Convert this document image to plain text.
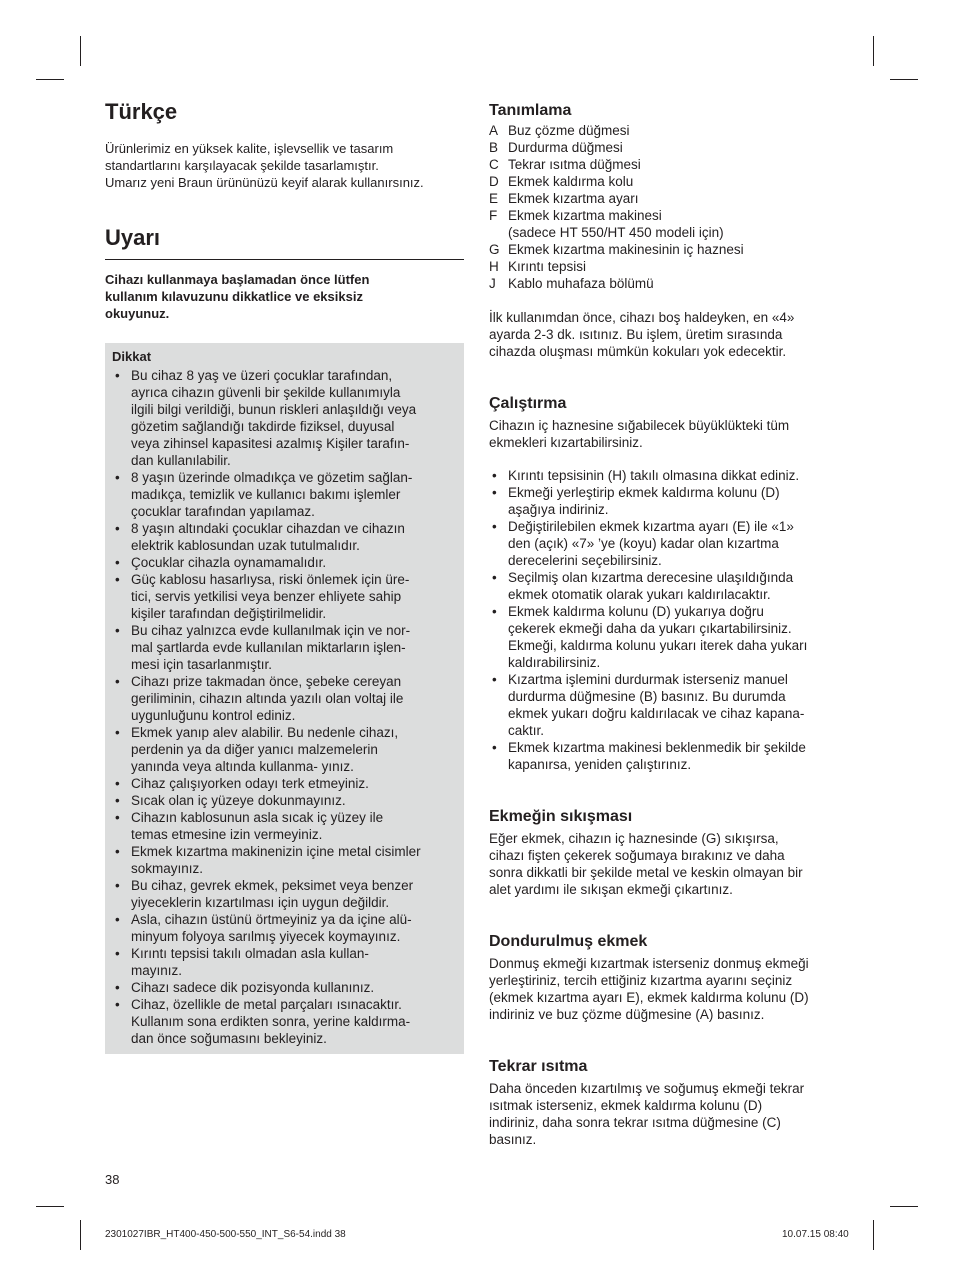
Türkçe
Ürünlerimiz en yüksek kalite, işlevsellik ve tasarım
standartlarını karşılayacak şekilde tasarlamıştır.
Umarız yeni Braun ürününüzü keyif alarak kullanırsınız.
Uyarı
Cihazı kullanmaya başlamadan önce lütfen
kullanım kılavuzunu dikkatlice ve eksiksiz
okuyunuz.
Dikkat
• Bu cihaz 8 yaş ve üzeri çocuklar tarafından,
ayrıca cihazın güvenli bir şekilde kullanımıyla
ilgili bilgi verildiği, bunun riskleri anlaşıldığı veya
gözetim sağlandığı takdirde fiziksel, duyusal
veya zihinsel kapasitesi azalmış Kişiler tarafın-
dan kullanılabilir.
• 8 yaşın üzerinde olmadıkça ve gözetim sağlan-
madıkça, temizlik ve kullanıcı bakımı işlemler
çocuklar tarafından yapılamaz.
• 8 yaşın altındaki çocuklar cihazdan ve cihazın
elektrik kablosundan uzak tutulmalıdır.
• Çocuklar cihazla oynamamalıdır.
• Güç kablosu hasarlıysa, riski önlemek için üre-
tici, servis yetkilisi veya benzer ehliyete sahip
kişiler tarafından değiştirilmelidir.
• Bu cihaz yalnızca evde kullanılmak için ve nor-
mal şartlarda evde kullanılan miktarların işlen-
mesi için tasarlanmıştır.
• Cihazı prize takmadan önce, şebeke cereyan
geriliminin, cihazın altında yazılı olan voltaj ile
uygunluğunu kontrol ediniz.
• Ekmek yanıp alev alabilir. Bu nedenle cihazı,
perdenin ya da diğer yanıcı malzemelerin
yanında veya altında kullanma- yınız.
• Cihaz çalışıyorken odayı terk etmeyiniz.
• Sıcak olan iç yüzeye dokunmayınız.
• Cihazın kablosunun asla sıcak iç yüzey ile
temas etmesine izin vermeyiniz.
• Ekmek kızartma makinenizin içine metal cisimler
sokmayınız.
• Bu cihaz, gevrek ekmek, peksimet veya benzer
yiyeceklerin kızartılması için uygun değildir.
• Asla, cihazın üstünü örtmeyiniz ya da içine alü-
minyum folyoya sarılmış yiyecek koymayınız.
• Kırıntı tepsisi takılı olmadan asla kullan-
mayınız.
• Cihazı sadece dik pozisyonda kullanınız.
• Cihaz, özellikle de metal parçaları ısınacaktır.
Kullanım sona erdikten sonra, yerine kaldırma-
dan önce soğumasını bekleyiniz.
Tanımlama
A Buz çözme düğmesi
B Durdurma düğmesi
C Tekrar ısıtma düğmesi
D Ekmek kaldırma kolu
E Ekmek kızartma ayarı
F Ekmek kızartma makinesi
(sadece HT 550/HT 450 modeli için)
G Ekmek kızartma makinesinin iç haznesi
H Kırıntı tepsisi
J Kablo muhafaza bölümü
İlk kullanımdan önce, cihazı boş haldeyken, en «4»
ayarda 2-3 dk. ısıtınız. Bu işlem, üretim sırasında
cihazda oluşması mümkün kokuları yok edecektir.
Çalıştırma
Cihazın iç haznesine sığabilecek büyüklükteki tüm
ekmekleri kızartabilirsiniz.
• Kırıntı tepsisinin (H) takılı olmasına dikkat ediniz.
• Ekmeği yerleştirip ekmek kaldırma kolunu (D)
aşağıya indiriniz.
• Değiştirilebilen ekmek kızartma ayarı (E) ile «1»
den (açık) «7» ’ye (koyu) kadar olan kızartma
derecelerini seçebilirsiniz.
• Seçilmiş olan kızartma derecesine ulaşıldığında
ekmek otomatik olarak yukarı kaldırılacaktır.
• Ekmek kaldırma kolunu (D) yukarıya doğru
çekerek ekmeği daha da yukarı çıkartabilirsiniz.
Ekmeği, kaldırma kolunu yukarı iterek daha yukarı
kaldırabilirsiniz.
• Kızartma işlemini durdurmak isterseniz manuel
durdurma düğmesine (B) basınız. Bu durumda
ekmek yukarı doğru kaldırılacak ve cihaz kapana-
caktır.
• Ekmek kızartma makinesi beklenmedik bir şekilde
kapanırsa, yeniden çalıştırınız.
Ekmeğin sıkışması
Eğer ekmek, cihazın iç haznesinde (G) sıkışırsa,
cihazı fişten çekerek soğumaya bırakınız ve daha
sonra dikkatli bir şekilde metal ve keskin olmayan bir
alet yardımı ile sıkışan ekmeği çıkartınız.
Dondurulmuş ekmek
Donmuş ekmeği kızartmak isterseniz donmuş ekmeği
yerleştiriniz, tercih ettiğiniz kızartma ayarını seçiniz
(ekmek kızartma ayarı E), ekmek kaldırma kolunu (D)
indiriniz ve buz çözme düğmesine (A) basınız.
Tekrar ısıtma
Daha önceden kızartılmış ve soğumuş ekmeği tekrar
ısıtmak isterseniz, ekmek kaldırma kolunu (D)
indiriniz, daha sonra tekrar ısıtma düğmesine (C)
basınız.
38
2301027IBR_HT400-450-500-550_INT_S6-54.indd 38	10.07.15 08:40
